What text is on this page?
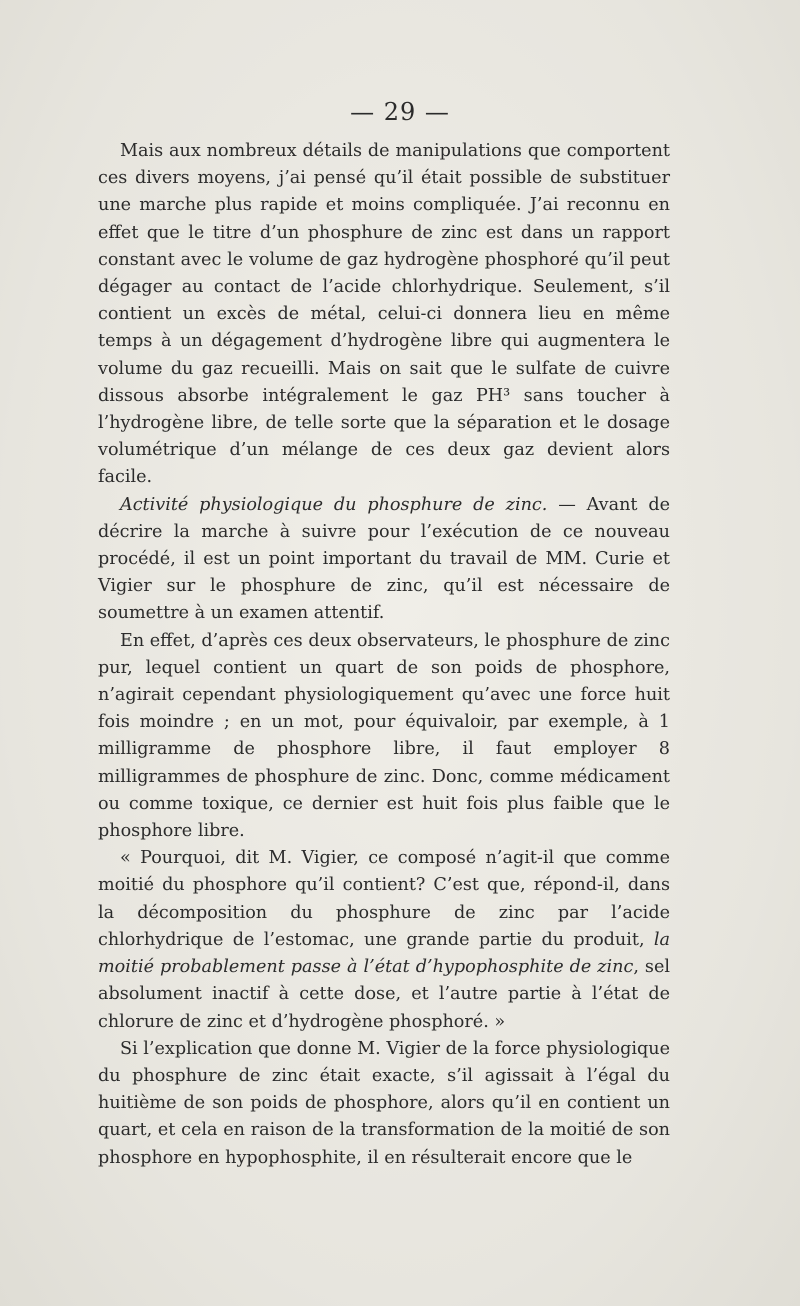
— 29 —

Mais aux nombreux détails de manipulations que comportent ces divers moyens, j’ai pensé qu’il était possible de substituer une marche plus rapide et moins compliquée. J’ai reconnu en effet que le titre d’un phosphure de zinc est dans un rapport constant avec le volume de gaz hydrogène phosphoré qu’il peut dégager au contact de l’acide chlorhydrique. Seulement, s’il contient un excès de métal, celui-ci donnera lieu en même temps à un dégagement d’hydrogène libre qui augmentera le volume du gaz recueilli. Mais on sait que le sulfate de cuivre dissous absorbe intégralement le gaz PH³ sans toucher à l’hydrogène libre, de telle sorte que la séparation et le dosage volumétrique d’un mélange de ces deux gaz devient alors facile.

Activité physiologique du phosphure de zinc. — Avant de décrire la marche à suivre pour l’exécution de ce nouveau procédé, il est un point important du travail de MM. Curie et Vigier sur le phosphure de zinc, qu’il est nécessaire de soumettre à un examen attentif.

En effet, d’après ces deux observateurs, le phosphure de zinc pur, lequel contient un quart de son poids de phosphore, n’agirait cependant physiologiquement qu’avec une force huit fois moindre ; en un mot, pour équivaloir, par exemple, à 1 milligramme de phosphore libre, il faut employer 8 milligrammes de phosphure de zinc. Donc, comme médicament ou comme toxique, ce dernier est huit fois plus faible que le phosphore libre.

« Pourquoi, dit M. Vigier, ce composé n’agit-il que comme moitié du phosphore qu’il contient? C’est que, répond-il, dans la décomposition du phosphure de zinc par l’acide chlorhydrique de l’estomac, une grande partie du produit, la moitié probablement passe à l’état d’hypophosphite de zinc, sel absolument inactif à cette dose, et l’autre partie à l’état de chlorure de zinc et d’hydrogène phosphoré. »

Si l’explication que donne M. Vigier de la force physiologique du phosphure de zinc était exacte, s’il agissait à l’égal du huitième de son poids de phosphore, alors qu’il en contient un quart, et cela en raison de la transformation de la moitié de son phosphore en hypophosphite, il en résulterait encore que le
